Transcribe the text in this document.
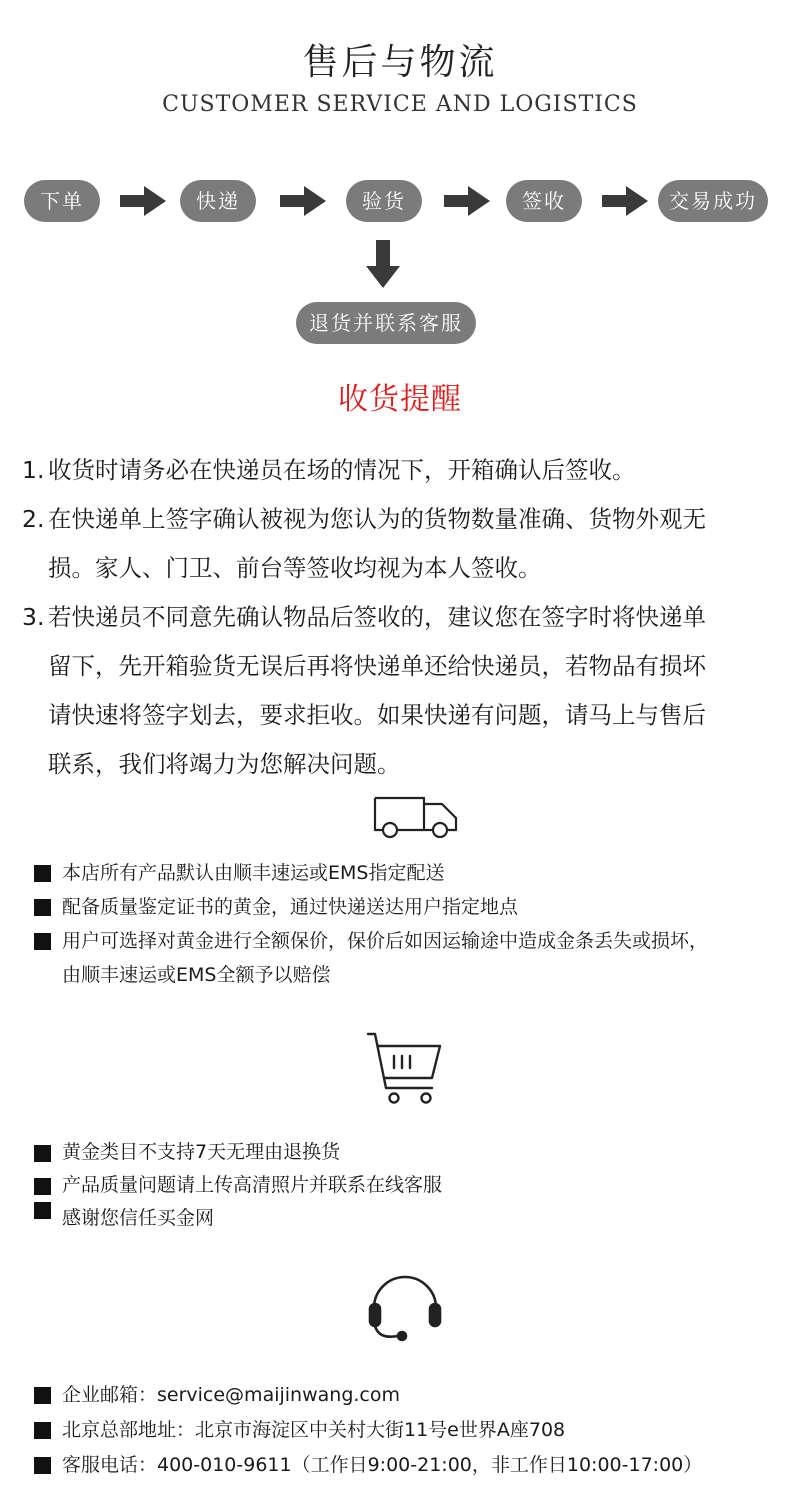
售后与物流
CUSTOMER SERVICE AND LOGISTICS
下单	快递	验货	签收	交易成功
退货并联系客服
收货提醒
1. 收货时请务必在快递员在场的情况下，开箱确认后签收。
2. 在快递单上签字确认被视为您认为的货物数量准确、货物外观无
损。家人、门卫、前台等签收均视为本人签收。
3. 若快递员不同意先确认物品后签收的，建议您在签字时将快递单
留下，先开箱验货无误后再将快递单还给快递员，若物品有损坏
请快速将签字划去，要求拒收。如果快递有问题，请马上与售后
联系，我们将竭力为您解决问题。
本店所有产品默认由顺丰速运或EMS指定配送
配备质量鉴定证书的黄金，通过快递送达用户指定地点
用户可选择对黄金进行全额保价，保价后如因运输途中造成金条丢失或损坏，
由顺丰速运或EMS全额予以赔偿
黄金类目不支持7天无理由退换货
产品质量问题请上传高清照片并联系在线客服
感谢您信任买金网
企业邮箱：service@maijinwang.com
北京总部地址：北京市海淀区中关村大街11号e世界A座708
客服电话：400-010-9611（工作日9:00-21:00，非工作日10:00-17:00）
